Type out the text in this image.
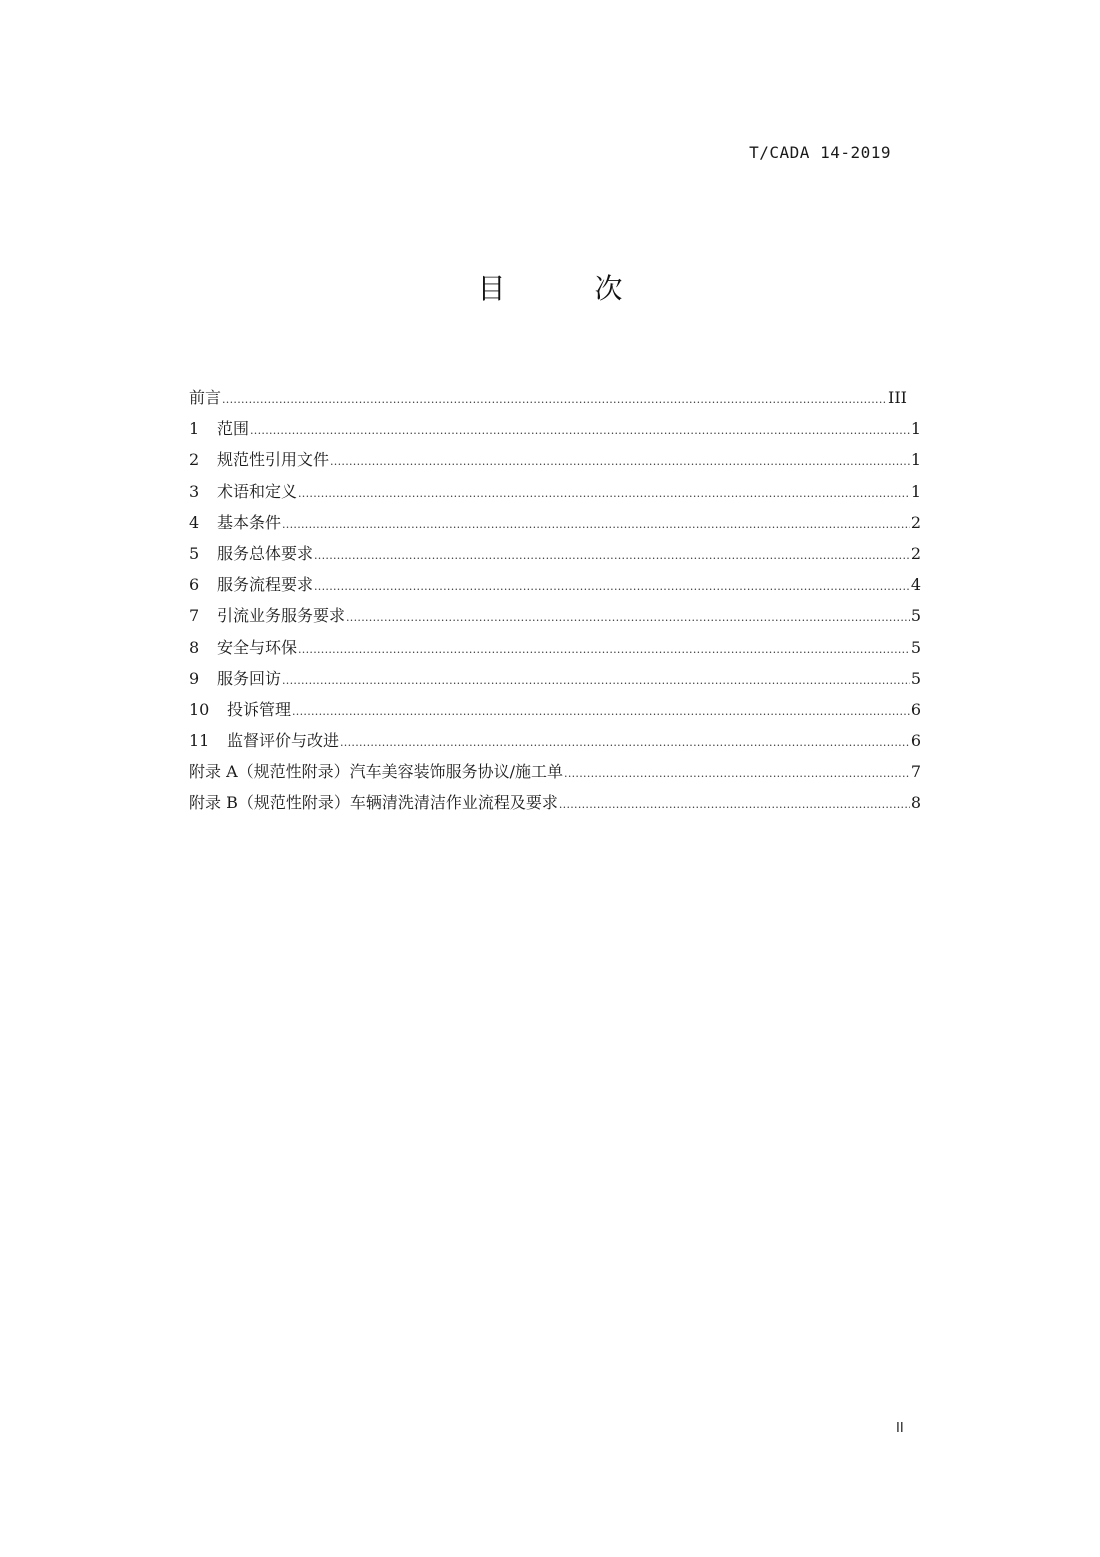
T/CADA 14-2019
目 次
前言 .....	III
1	范围 .....	1
2	规范性引用文件 .....	1
3	术语和定义 .....	1
4	基本条件 .....	2
5	服务总体要求 .....	2
6	服务流程要求 .....	4
7	引流业务服务要求 .....	5
8	安全与环保 .....	5
9	服务回访 .....	5
10	投诉管理 .....	6
11	监督评价与改进 .....	6
附录 A（规范性附录）汽车美容装饰服务协议/施工单 .....	7
附录 B（规范性附录）车辆清洗清洁作业流程及要求 .....	8
II
